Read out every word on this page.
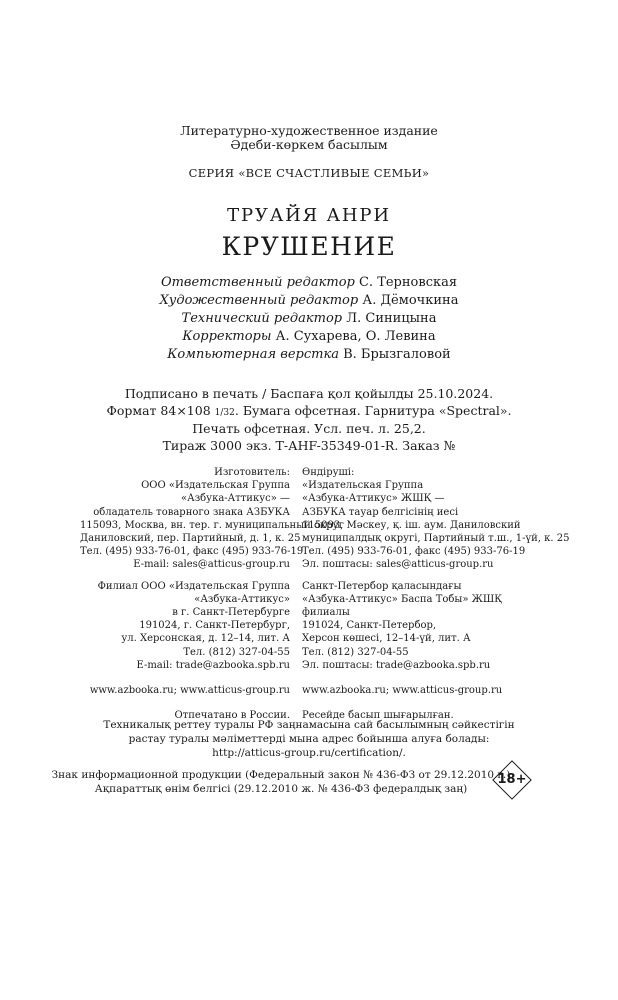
Литературно-художественное издание
Әдеби-көркем басылым
СЕРИЯ «ВСЕ СЧАСТЛИВЫЕ СЕМЬИ»
ТРУАЙЯ АНРИ
КРУШЕНИЕ
Ответственный редактор С. Терновская
Художественный редактор А. Дёмочкина
Технический редактор Л. Синицына
Корректоры А. Сухарева, О. Левина
Компьютерная верстка В. Брызгаловой
Подписано в печать / Баспаға қол қойылды 25.10.2024.
Формат 84×108 1/32. Бумага офсетная. Гарнитура «Spectral».
Печать офсетная. Усл. печ. л. 25,2.
Тираж 3000 экз. Т-АНF-35349-01-R. Заказ №
Изготовитель:
ООО «Издательская Группа
«Азбука-Аттикус» —
обладатель товарного знака АЗБУКА
115093, Москва, вн. тер. г. муниципальный округ
Даниловский, пер. Партийный, д. 1, к. 25
Тел. (495) 933-76-01, факс (495) 933-76-19
E-mail: sales@atticus-group.ru
Филиал ООО «Издательская Группа
«Азбука-Аттикус»
в г. Санкт-Петербурге
191024, г. Санкт-Петербург,
ул. Херсонская, д. 12–14, лит. А
Тел. (812) 327-04-55
E-mail: trade@azbooka.spb.ru
www.azbooka.ru; www.atticus-group.ru
Отпечатано в России.
Өндіруші:
«Издательская Группа
«Азбука-Аттикус» ЖШҚ —
АЗБУКА тауар белгісінің иесі
115093, Мәскеу, қ. іш. аум. Даниловский
муниципалдық округі, Партийный т.ш., 1-үй, к. 25
Тел. (495) 933-76-01, факс (495) 933-76-19
Эл. поштасы: sales@atticus-group.ru
Санкт-Петербор қаласындағы
«Азбука-Аттикус» Баспа Тобы» ЖШҚ
филиалы
191024, Санкт-Петербор,
Херсон көшесі, 12–14-үй, лит. А
Тел. (812) 327-04-55
Эл. поштасы: trade@azbooka.spb.ru
www.azbooka.ru; www.atticus-group.ru
Ресейде басып шығарылған.
Техникалық реттеу туралы РФ заңнамасына сай басылымның сәйкестігін
растау туралы мәліметтерді мына адрес бойынша алуға болады:
http://atticus-group.ru/certification/.
Знак информационной продукции (Федеральный закон № 436-ФЗ от 29.12.2010 г.)
Ақпараттық өнім белгісі (29.12.2010 ж. № 436-ФЗ федералдық заң)
18+
